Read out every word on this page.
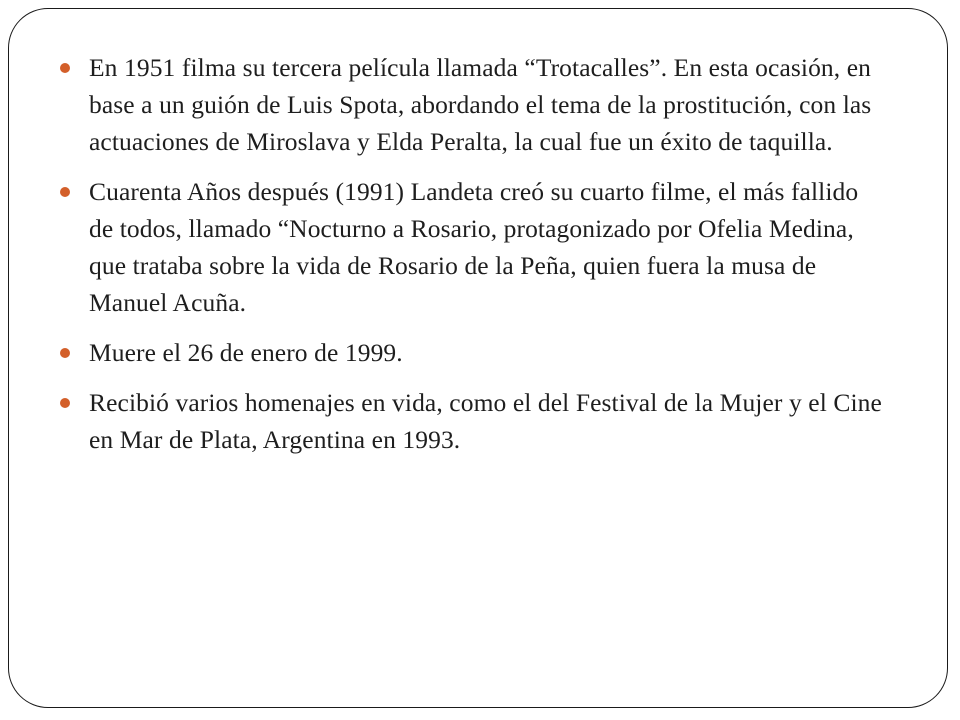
En 1951 filma su tercera película llamada “Trotacalles”. En esta ocasión, en base a un guión de Luis Spota, abordando el tema de la prostitución, con las actuaciones de Miroslava y Elda Peralta, la cual fue un éxito de taquilla.
Cuarenta Años después (1991) Landeta creó su cuarto filme, el más fallido de todos, llamado “Nocturno a Rosario, protagonizado por Ofelia Medina, que trataba sobre la vida de Rosario de la Peña, quien fuera la musa de Manuel Acuña.
Muere el 26 de enero de 1999.
Recibió varios homenajes en vida, como el del Festival de la Mujer y el Cine en Mar de Plata, Argentina en 1993.
